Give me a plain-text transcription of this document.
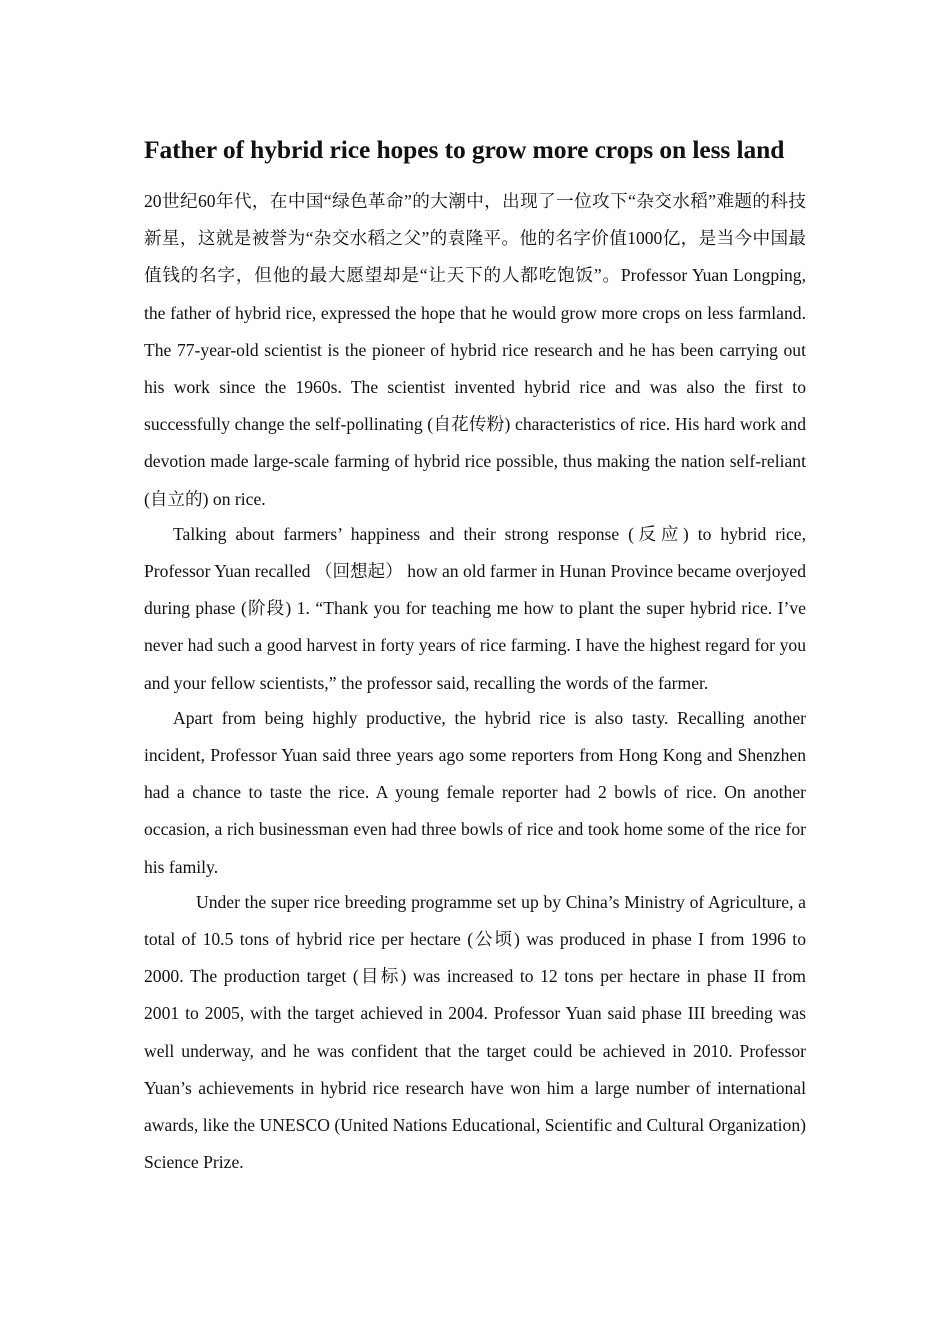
Father of hybrid rice hopes to grow more crops on less land

20世纪60年代，在中国“绿色革命”的大潮中，出现了一位攻下“杂交水稻”难题的科技新星，这就是被誉为“杂交水稻之父”的袁隆平。他的名字价值1000亿，是当今中国最值钱的名字，但他的最大愿望却是“让天下的人都吃饱饭”。Professor Yuan Longping, the father of hybrid rice, expressed the hope that he would grow more crops on less farmland. The 77-year-old scientist is the pioneer of hybrid rice research and he has been carrying out his work since the 1960s. The scientist invented hybrid rice and was also the first to successfully change the self-pollinating (自花传粉) characteristics of rice. His hard work and devotion made large-scale farming of hybrid rice possible, thus making the nation self-reliant (自立的) on rice.

Talking about farmers’ happiness and their strong response (反应) to hybrid rice, Professor Yuan recalled （回想起） how an old farmer in Hunan Province became overjoyed during phase (阶段) 1. “Thank you for teaching me how to plant the super hybrid rice. I’ve never had such a good harvest in forty years of rice farming. I have the highest regard for you and your fellow scientists,” the professor said, recalling the words of the farmer.

Apart from being highly productive, the hybrid rice is also tasty. Recalling another incident, Professor Yuan said three years ago some reporters from Hong Kong and Shenzhen had a chance to taste the rice. A young female reporter had 2 bowls of rice. On another occasion, a rich businessman even had three bowls of rice and took home some of the rice for his family.

Under the super rice breeding programme set up by China’s Ministry of Agriculture, a total of 10.5 tons of hybrid rice per hectare (公顷) was produced in phase I from 1996 to 2000. The production target (目标) was increased to 12 tons per hectare in phase II from 2001 to 2005, with the target achieved in 2004. Professor Yuan said phase III breeding was well underway, and he was confident that the target could be achieved in 2010. Professor Yuan’s achievements in hybrid rice research have won him a large number of international awards, like the UNESCO (United Nations Educational, Scientific and Cultural Organization) Science Prize.
